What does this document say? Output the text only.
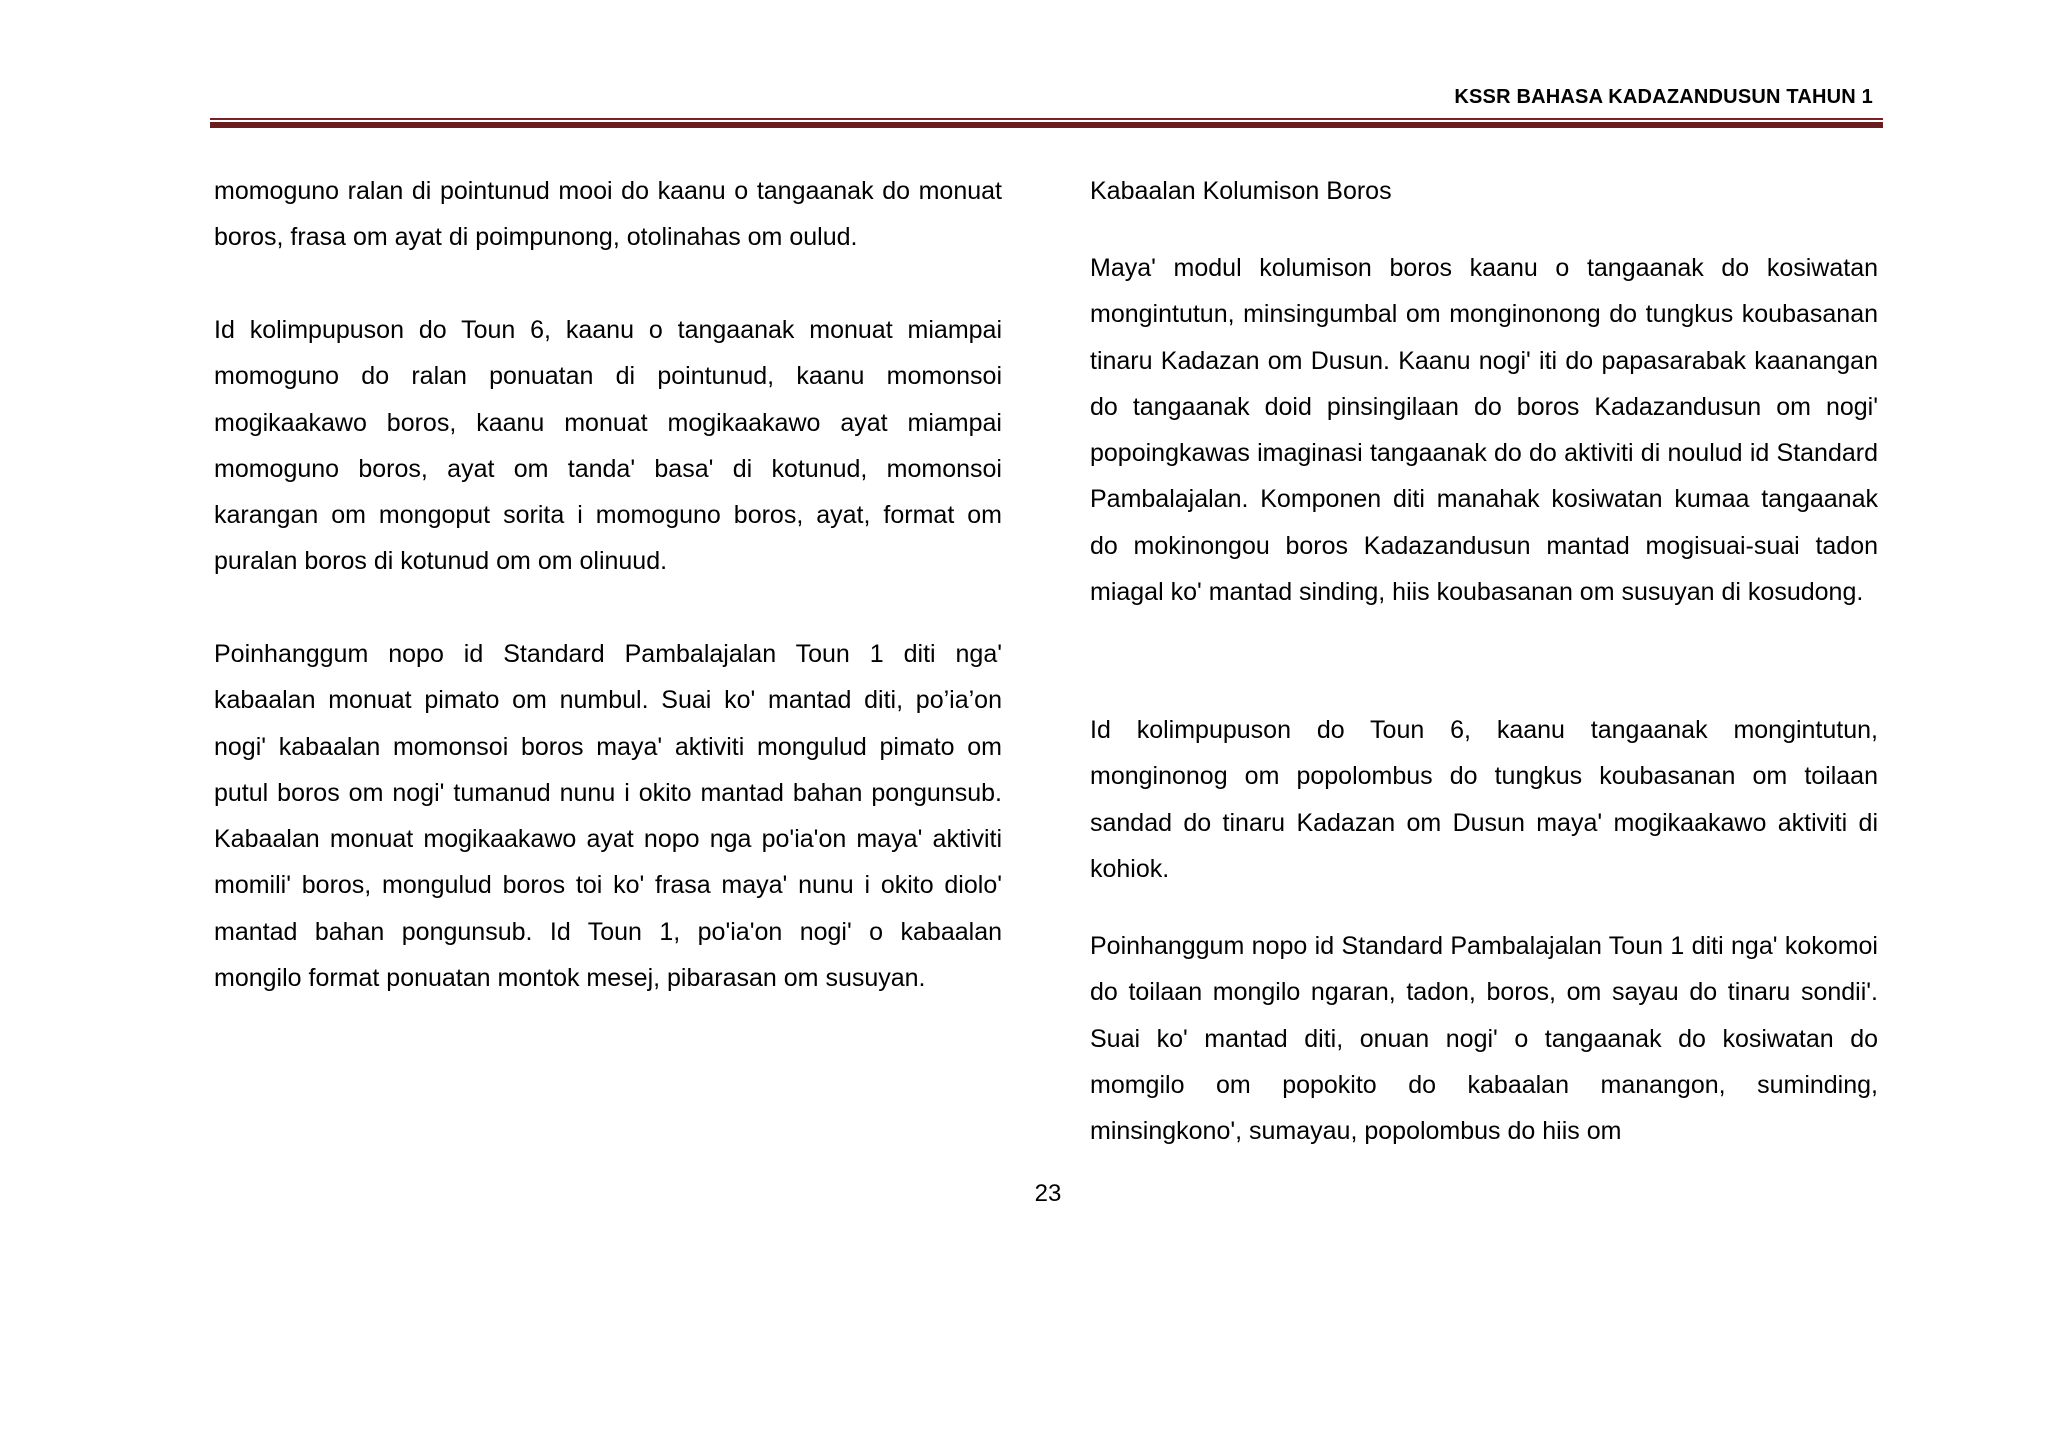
KSSR BAHASA KADAZANDUSUN TAHUN 1

momoguno ralan di pointunud mooi do kaanu o tangaanak do monuat boros, frasa om ayat di poimpunong, otolinahas om oulud.

Id kolimpupuson do Toun 6, kaanu o tangaanak monuat miampai momoguno do ralan ponuatan di pointunud, kaanu momonsoi mogikaakawo boros, kaanu monuat mogikaakawo ayat miampai momoguno boros, ayat om tanda' basa' di kotunud, momonsoi karangan om mongoput sorita i momoguno boros, ayat, format om puralan boros di kotunud om om olinuud.

Poinhanggum nopo id Standard Pambalajalan Toun 1 diti nga' kabaalan monuat pimato om numbul. Suai ko' mantad diti, po’ia’on nogi' kabaalan momonsoi boros maya' aktiviti mongulud pimato om putul boros om nogi' tumanud nunu i okito mantad bahan pongunsub. Kabaalan monuat mogikaakawo ayat nopo nga po'ia'on maya' aktiviti momili' boros, mongulud boros toi ko' frasa maya' nunu i okito diolo' mantad bahan pongunsub. Id Toun 1, po'ia'on nogi' o kabaalan mongilo format ponuatan montok mesej, pibarasan om susuyan.

Kabaalan Kolumison Boros

Maya' modul kolumison boros kaanu o tangaanak do kosiwatan mongintutun, minsingumbal om monginonong do tungkus koubasanan tinaru Kadazan om Dusun. Kaanu nogi' iti do papasarabak kaanangan do tangaanak doid pinsingilaan do boros Kadazandusun om nogi' popoingkawas imaginasi tangaanak do do aktiviti di noulud id Standard Pambalajalan. Komponen diti manahak kosiwatan kumaa tangaanak do mokinongou boros Kadazandusun mantad mogisuai-suai tadon miagal ko' mantad sinding, hiis koubasanan om susuyan di kosudong.

Id kolimpupuson do Toun 6, kaanu tangaanak mongintutun, monginonog om popolombus do tungkus koubasanan om toilaan sandad do tinaru Kadazan om Dusun maya' mogikaakawo aktiviti di kohiok.

Poinhanggum nopo id Standard Pambalajalan Toun 1 diti nga' kokomoi do toilaan mongilo ngaran, tadon, boros, om sayau do tinaru sondii'. Suai ko' mantad diti, onuan nogi' o tangaanak do kosiwatan do momgilo om popokito do kabaalan manangon, suminding, minsingkono', sumayau, popolombus do hiis om

23
